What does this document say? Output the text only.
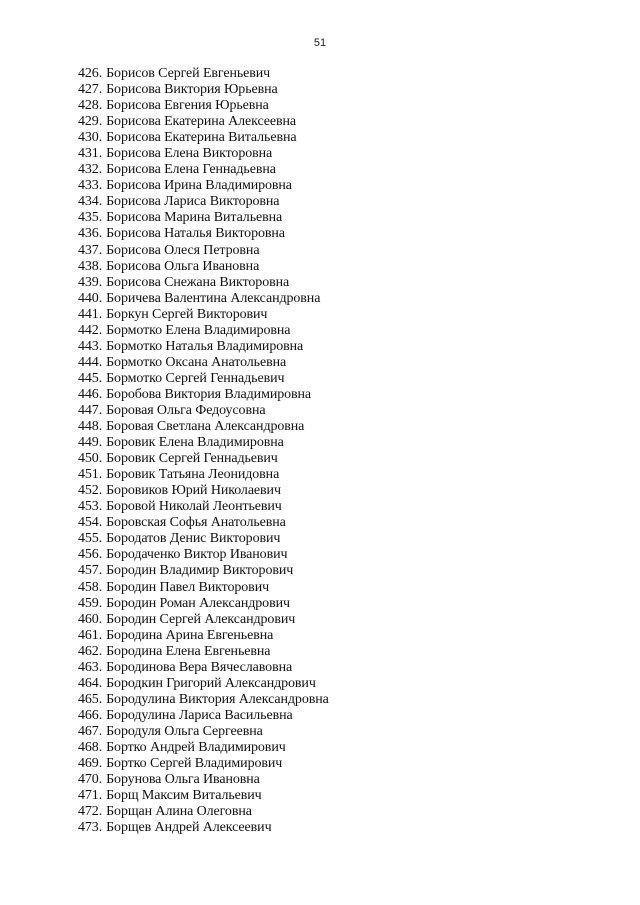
51
426. Борисов Сергей Евгеньевич
427. Борисова Виктория Юрьевна
428. Борисова Евгения Юрьевна
429. Борисова Екатерина Алексеевна
430. Борисова Екатерина Витальевна
431. Борисова Елена Викторовна
432. Борисова Елена Геннадьевна
433. Борисова Ирина Владимировна
434. Борисова Лариса Викторовна
435. Борисова Марина Витальевна
436. Борисова Наталья Викторовна
437. Борисова Олеся Петровна
438. Борисова Ольга Ивановна
439. Борисова Снежана Викторовна
440. Боричева Валентина Александровна
441. Боркун Сергей Викторович
442. Бормотко Елена Владимировна
443. Бормотко Наталья Владимировна
444. Бормотко Оксана Анатольевна
445. Бормотко Сергей Геннадьевич
446. Боробова Виктория Владимировна
447. Боровая Ольга Федоусовна
448. Боровая Светлана Александровна
449. Боровик Елена Владимировна
450. Боровик Сергей Геннадьевич
451. Боровик Татьяна Леонидовна
452. Боровиков Юрий Николаевич
453. Боровой Николай Леонтьевич
454. Боровская Софья Анатольевна
455. Бородатов Денис Викторович
456. Бородаченко Виктор Иванович
457. Бородин Владимир Викторович
458. Бородин Павел Викторович
459. Бородин Роман Александрович
460. Бородин Сергей Александрович
461. Бородина Арина Евгеньевна
462. Бородина Елена Евгеньевна
463. Бородинова Вера Вячеславовна
464. Бородкин Григорий Александрович
465. Бородулина Виктория Александровна
466. Бородулина Лариса Васильевна
467. Бородуля Ольга Сергеевна
468. Бортко Андрей Владимирович
469. Бортко Сергей Владимирович
470. Борунова Ольга Ивановна
471. Борщ Максим Витальевич
472. Борщан Алина Олеговна
473. Борщев Андрей Алексеевич
